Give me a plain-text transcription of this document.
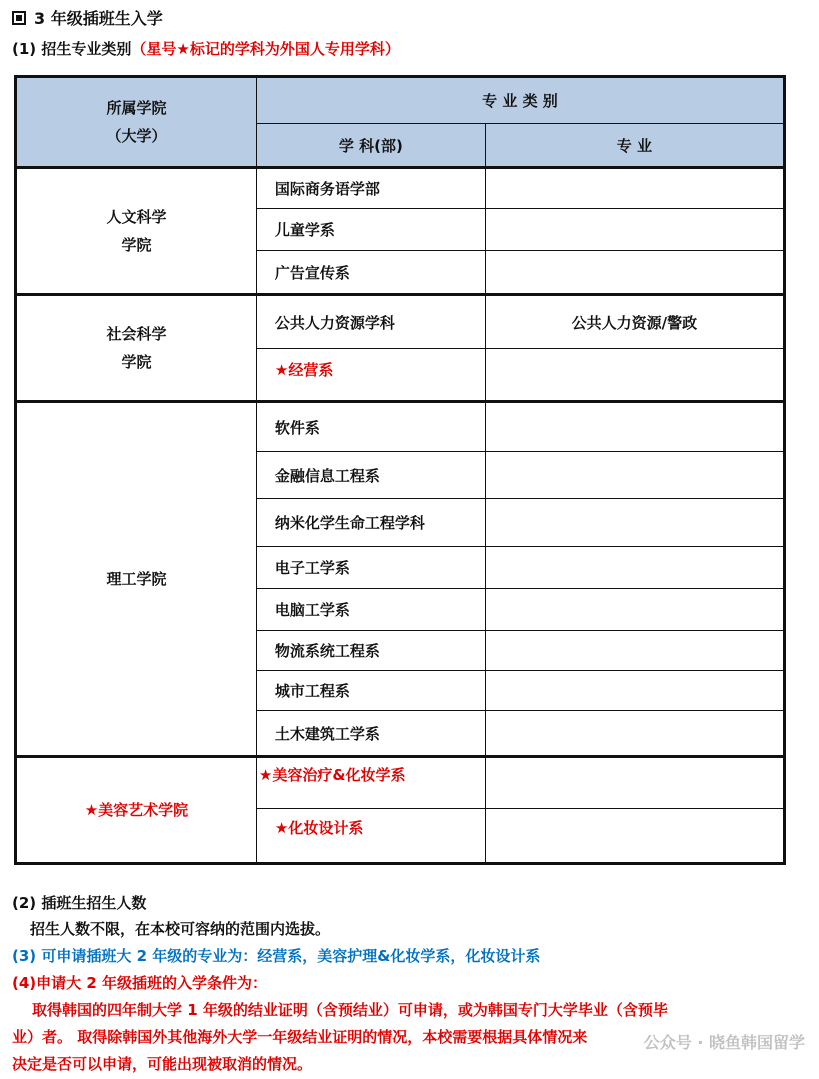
3 年级插班生入学
(1) 招生专业类别（星号★标记的学科为外国人专用学科）
所属学院
（大学）	专 业 类 别	
	学 科(部)	专 业

人文科学
学院	国际商务语学部	
	儿童学系	
	广告宣传系	

社会科学
学院	公共人力资源学科	公共人力资源/警政
	★经营系	

理工学院	软件系	
	金融信息工程系	
	纳米化学生命工程学科	
	电子工学系	
	电脑工学系	
	物流系统工程系	
	城市工程系	
	土木建筑工学系	

★美容艺术学院	★美容治疗&化妆学系	
	★化妆设计系	
(2) 插班生招生人数
招生人数不限，在本校可容纳的范围内选拔。
(3) 可申请插班大 2 年级的专业为：经营系，美容护理&化妆学系，化妆设计系
(4)申请大 2 年级插班的入学条件为：
取得韩国的四年制大学 1 年级的结业证明（含预结业）可申请，或为韩国专门大学毕业（含预毕
业）者。 取得除韩国外其他海外大学一年级结业证明的情况，本校需要根据具体情况来
决定是否可以申请，可能出现被取消的情况。
公众号 · 晓鱼韩国留学
